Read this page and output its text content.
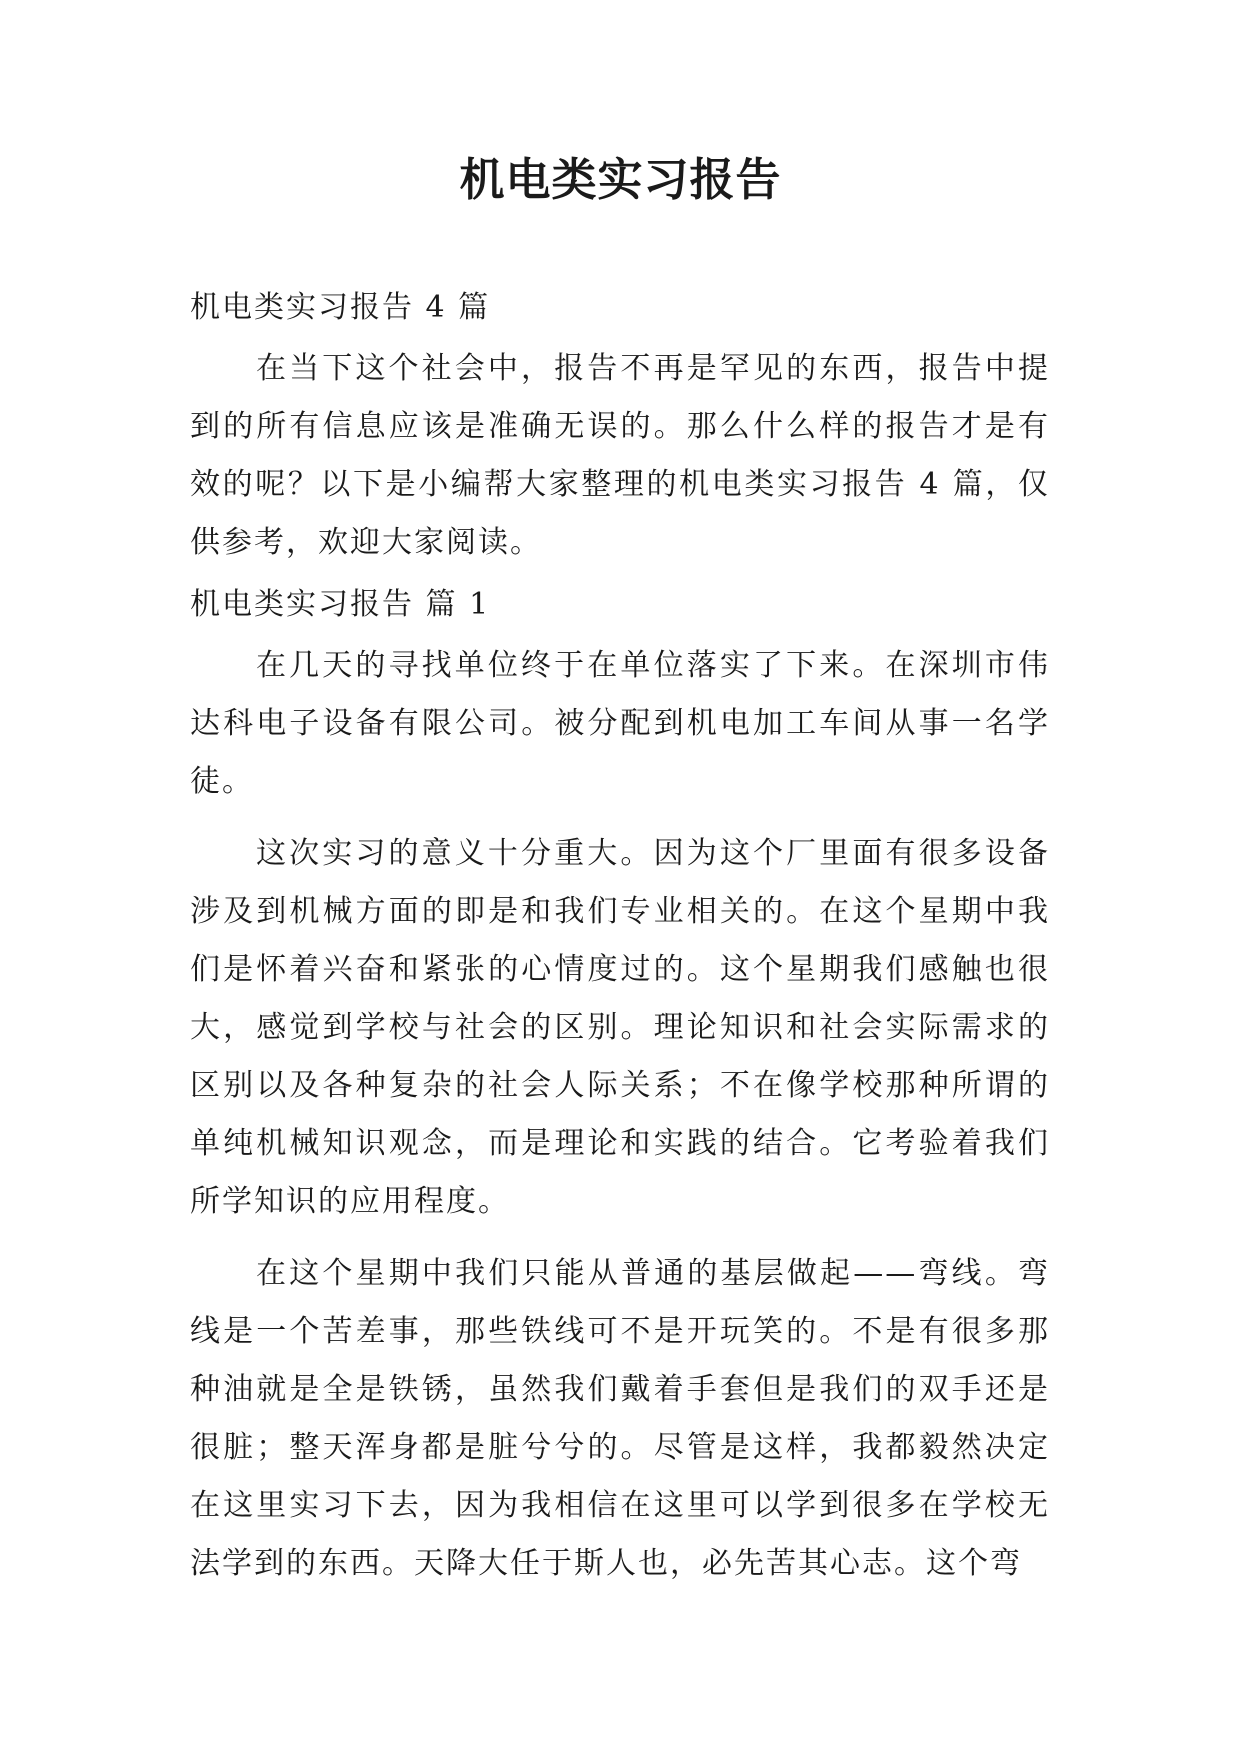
机电类实习报告

机电类实习报告 4 篇

在当下这个社会中，报告不再是罕见的东西，报告中提到的所有信息应该是准确无误的。那么什么样的报告才是有效的呢？以下是小编帮大家整理的机电类实习报告 4 篇，仅供参考，欢迎大家阅读。

机电类实习报告 篇 1

在几天的寻找单位终于在单位落实了下来。在深圳市伟达科电子设备有限公司。被分配到机电加工车间从事一名学徒。

这次实习的意义十分重大。因为这个厂里面有很多设备涉及到机械方面的即是和我们专业相关的。在这个星期中我们是怀着兴奋和紧张的心情度过的。这个星期我们感触也很大，感觉到学校与社会的区别。理论知识和社会实际需求的区别以及各种复杂的社会人际关系；不在像学校那种所谓的单纯机械知识观念，而是理论和实践的结合。它考验着我们所学知识的应用程度。

在这个星期中我们只能从普通的基层做起——弯线。弯线是一个苦差事，那些铁线可不是开玩笑的。不是有很多那种油就是全是铁锈，虽然我们戴着手套但是我们的双手还是很脏；整天浑身都是脏兮兮的。尽管是这样，我都毅然决定在这里实习下去，因为我相信在这里可以学到很多在学校无法学到的东西。天降大任于斯人也，必先苦其心志。这个弯
